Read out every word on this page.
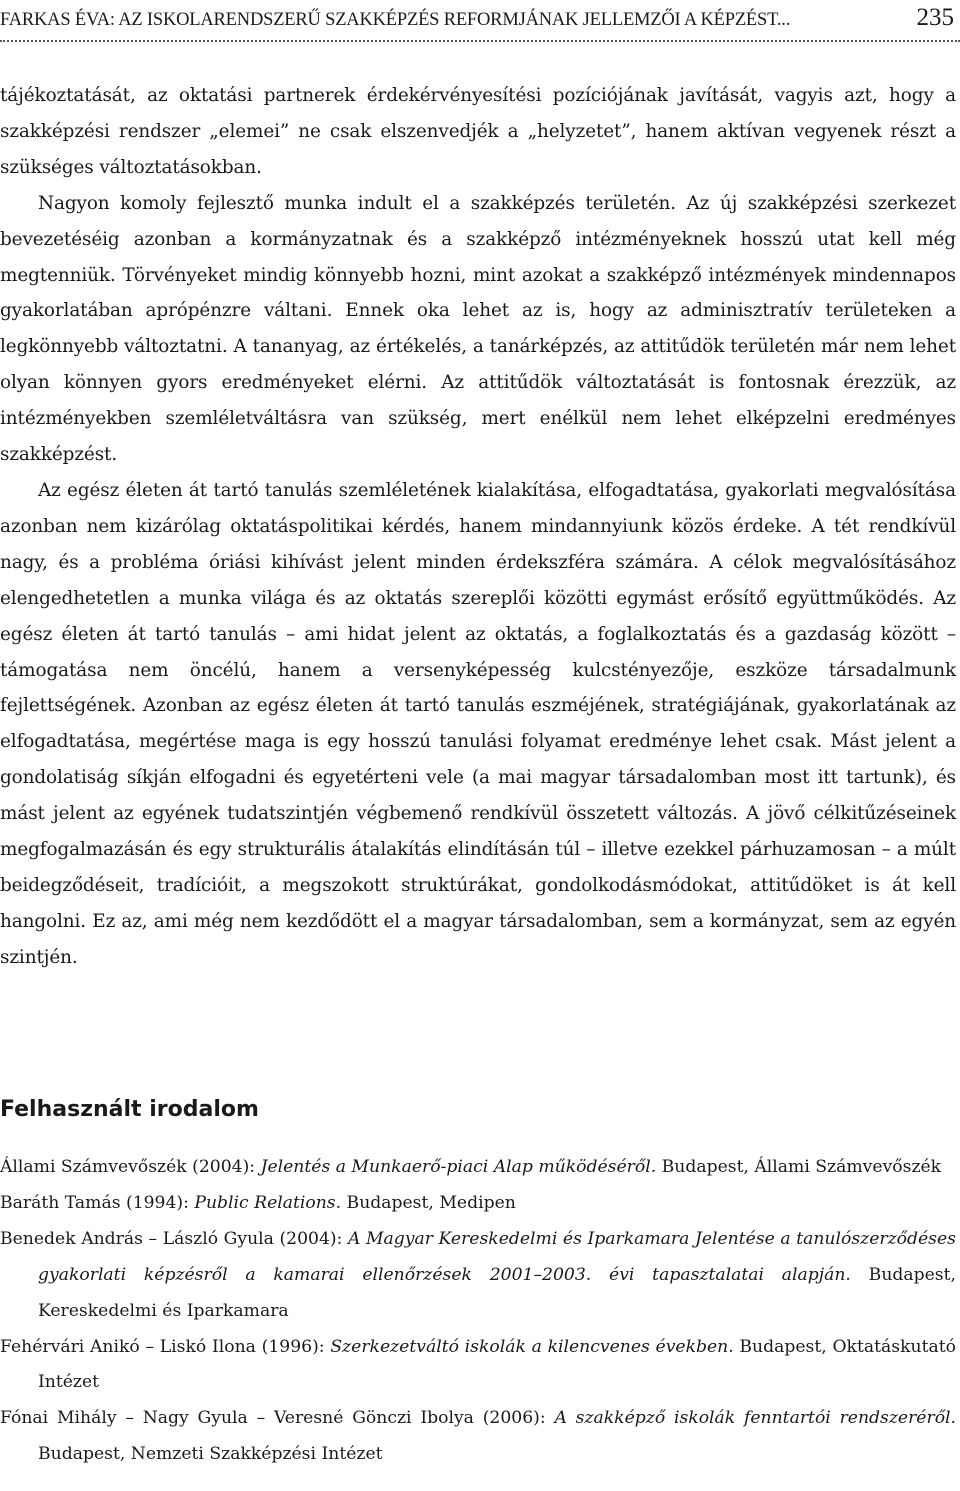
FARKAS ÉVA: AZ ISKOLARENDSZERŰ SZAKKÉPZÉS REFORMJÁNAK JELLEMZŐI A KÉPZÉST...	235

tájékoztatását, az oktatási partnerek érdekérvényesítési pozíciójának javítását, vagyis azt, hogy a szakképzési rendszer „elemei” ne csak elszenvedjék a „helyzetet”, hanem aktívan vegyenek részt a szükséges változtatásokban.

Nagyon komoly fejlesztő munka indult el a szakképzés területén. Az új szakképzési szerkezet bevezetéséig azonban a kormányzatnak és a szakképző intézményeknek hosszú utat kell még megtenniük. Törvényeket mindig könnyebb hozni, mint azokat a szakképző intézmények mindennapos gyakorlatában aprópénzre váltani. Ennek oka lehet az is, hogy az adminisztratív területeken a legkönnyebb változtatni. A tananyag, az értékelés, a tanárképzés, az attitűdök területén már nem lehet olyan könnyen gyors eredményeket elérni. Az attitűdök változtatását is fontosnak érezzük, az intézményekben szemléletváltásra van szükség, mert enélkül nem lehet elképzelni eredményes szakképzést.

Az egész életen át tartó tanulás szemléletének kialakítása, elfogadtatása, gyakorlati megvalósítása azonban nem kizárólag oktatáspolitikai kérdés, hanem mindannyiunk közös érdeke. A tét rendkívül nagy, és a probléma óriási kihívást jelent minden érdekszféra számára. A célok megvalósításához elengedhetetlen a munka világa és az oktatás szereplői közötti egymást erősítő együttműködés. Az egész életen át tartó tanulás – ami hidat jelent az oktatás, a foglalkoztatás és a gazdaság között – támogatása nem öncélú, hanem a versenyképesség kulcstényezője, eszköze társadalmunk fejlettségének. Azonban az egész életen át tartó tanulás eszméjének, stratégiájának, gyakorlatának az elfogadtatása, megértése maga is egy hosszú tanulási folyamat eredménye lehet csak. Mást jelent a gondolatiság síkján elfogadni és egyetérteni vele (a mai magyar társadalomban most itt tartunk), és mást jelent az egyének tudatszintjén végbemenő rendkívül összetett változás. A jövő célkitűzéseinek megfogalmazásán és egy strukturális átalakítás elindításán túl – illetve ezekkel párhuzamosan – a múlt beidegződéseit, tradícióit, a megszokott struktúrákat, gondolkodásmódokat, attitűdöket is át kell hangolni. Ez az, ami még nem kezdődött el a magyar társadalomban, sem a kormányzat, sem az egyén szintjén.

Felhasznált irodalom

Állami Számvevőszék (2004): Jelentés a Munkaerő-piaci Alap működéséről. Budapest, Állami Számvevőszék

Baráth Tamás (1994): Public Relations. Budapest, Medipen

Benedek András – László Gyula (2004): A Magyar Kereskedelmi és Iparkamara Jelentése a tanulószerződéses gyakorlati képzésről a kamarai ellenőrzések 2001–2003. évi tapasztalatai alapján. Budapest, Kereskedelmi és Iparkamara

Fehérvári Anikó – Liskó Ilona (1996): Szerkezetváltó iskolák a kilencvenes években. Budapest, Oktatáskutató Intézet

Fónai Mihály – Nagy Gyula – Veresné Gönczi Ibolya (2006): A szakképző iskolák fenntartói rendszeréről. Budapest, Nemzeti Szakképzési Intézet
